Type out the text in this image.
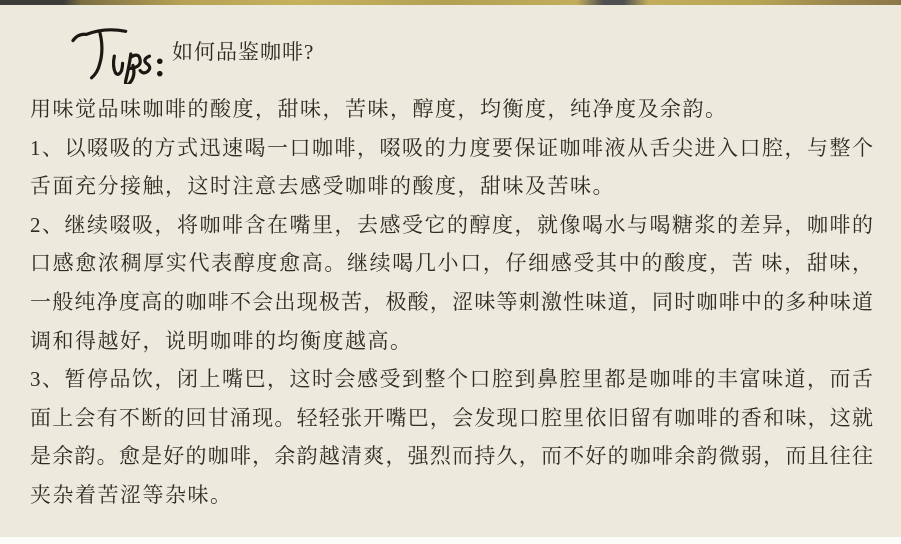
如何品鉴咖啡?
用味觉品味咖啡的酸度，甜味，苦味，醇度，均衡度，纯净度及余韵。
1、以啜吸的方式迅速喝一口咖啡，啜吸的力度要保证咖啡液从舌尖进入口腔，与整个
舌面充分接触，这时注意去感受咖啡的酸度，甜味及苦味。
2、继续啜吸，将咖啡含在嘴里，去感受它的醇度，就像喝水与喝糖浆的差异，咖啡的
口感愈浓稠厚实代表醇度愈高。继续喝几小口，仔细感受其中的酸度，苦 味，甜味，
一般纯净度高的咖啡不会出现极苦，极酸，涩味等刺激性味道，同时咖啡中的多种味道
调和得越好，说明咖啡的均衡度越高。
3、暂停品饮，闭上嘴巴，这时会感受到整个口腔到鼻腔里都是咖啡的丰富味道，而舌
面上会有不断的回甘涌现。轻轻张开嘴巴，会发现口腔里依旧留有咖啡的香和味，这就
是余韵。愈是好的咖啡，余韵越清爽，强烈而持久，而不好的咖啡余韵微弱，而且往往
夹杂着苦涩等杂味。
